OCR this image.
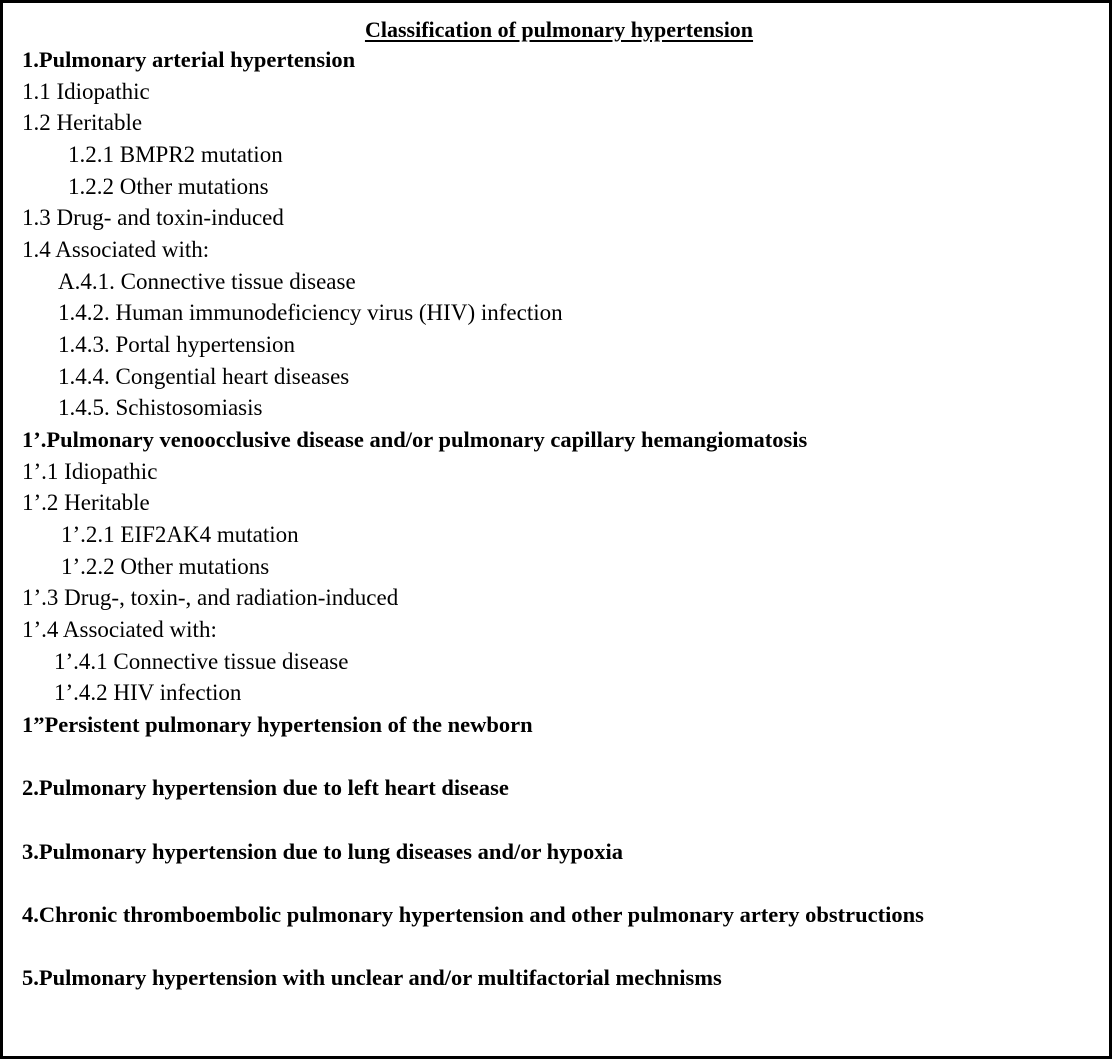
Classification of pulmonary hypertension
1.Pulmonary arterial hypertension
1.1 Idiopathic
1.2 Heritable
1.2.1 BMPR2 mutation
1.2.2 Other mutations
1.3 Drug- and toxin-induced
1.4 Associated with:
A.4.1. Connective tissue disease
1.4.2. Human immunodeficiency virus (HIV) infection
1.4.3. Portal hypertension
1.4.4. Congential heart diseases
1.4.5. Schistosomiasis
1’.Pulmonary venoocclusive disease and/or pulmonary capillary hemangiomatosis
1’.1 Idiopathic
1’.2 Heritable
1’.2.1 EIF2AK4 mutation
1’.2.2 Other mutations
1’.3 Drug-, toxin-, and radiation-induced
1’.4 Associated with:
1’.4.1 Connective tissue disease
1’.4.2 HIV infection
1”Persistent pulmonary hypertension of the newborn
2.Pulmonary hypertension due to left heart disease
3.Pulmonary hypertension due to lung diseases and/or hypoxia
4.Chronic thromboembolic pulmonary hypertension and other pulmonary artery obstructions
5.Pulmonary hypertension with unclear and/or multifactorial mechnisms
